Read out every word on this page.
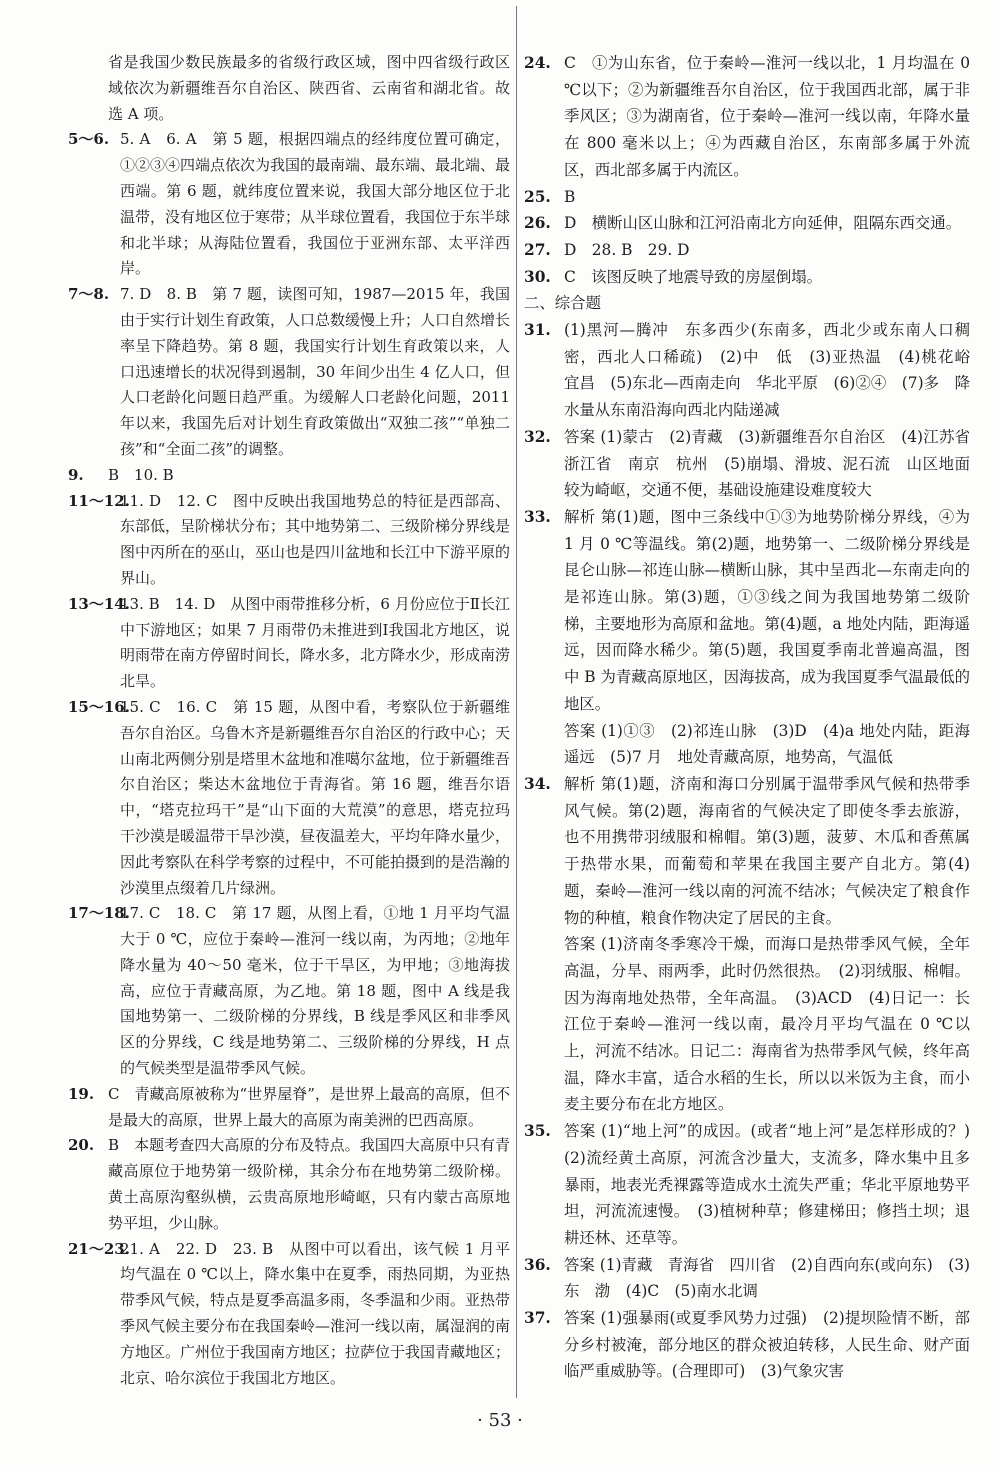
省是我国少数民族最多的省级行政区域，图中四省级行政区域依次为新疆维吾尔自治区、陕西省、云南省和湖北省。故选 A 项。
5～6. 5. A　6. A　第 5 题，根据四端点的经纬度位置可确定，①②③④四端点依次为我国的最南端、最东端、最北端、最西端。第 6 题，就纬度位置来说，我国大部分地区位于北温带，没有地区位于寒带；从半球位置看，我国位于东半球和北半球；从海陆位置看，我国位于亚洲东部、太平洋西岸。
7～8. 7. D　8. B　第 7 题，读图可知，1987—2015 年，我国由于实行计划生育政策，人口总数缓慢上升；人口自然增长率呈下降趋势。第 8 题，我国实行计划生育政策以来，人口迅速增长的状况得到遏制，30 年间少出生 4 亿人口，但人口老龄化问题日趋严重。为缓解人口老龄化问题，2011 年以来，我国先后对计划生育政策做出“双独二孩”“单独二孩”和“全面二孩”的调整。
9. B　10. B
11～12.
11. D　12. C　图中反映出我国地势总的特征是西部高、东部低，呈阶梯状分布；其中地势第二、三级阶梯分界线是图中丙所在的巫山，巫山也是四川盆地和长江中下游平原的界山。
13～14.
13. B　14. D　从图中雨带推移分析，6 月份应位于Ⅱ长江中下游地区；如果 7 月雨带仍未推进到Ⅰ我国北方地区，说明雨带在南方停留时间长，降水多，北方降水少，形成南涝北旱。
15～16.
15. C　16. C　第 15 题，从图中看，考察队位于新疆维吾尔自治区。乌鲁木齐是新疆维吾尔自治区的行政中心；天山南北两侧分别是塔里木盆地和准噶尔盆地，位于新疆维吾尔自治区；柴达木盆地位于青海省。第 16 题，维吾尔语中，“塔克拉玛干”是“山下面的大荒漠”的意思，塔克拉玛干沙漠是暖温带干旱沙漠，昼夜温差大，平均年降水量少，因此考察队在科学考察的过程中，不可能拍摄到的是浩瀚的沙漠里点缀着几片绿洲。
17～18.
17. C　18. C　第 17 题，从图上看，①地 1 月平均气温大于 0 ℃，应位于秦岭—淮河一线以南，为丙地；②地年降水量为 40～50 毫米，位于干旱区，为甲地；③地海拔高，应位于青藏高原，为乙地。第 18 题，图中 A 线是我国地势第一、二级阶梯的分界线，B 线是季风区和非季风区的分界线，C 线是地势第二、三级阶梯的分界线，H 点的气候类型是温带季风气候。
19. C　青藏高原被称为“世界屋脊”，是世界上最高的高原，但不是最大的高原，世界上最大的高原为南美洲的巴西高原。
20. B　本题考查四大高原的分布及特点。我国四大高原中只有青藏高原位于地势第一级阶梯，其余分布在地势第二级阶梯。黄土高原沟壑纵横，云贵高原地形崎岖，只有内蒙古高原地势平坦，少山脉。
21～23.
21. A　22. D　23. B　从图中可以看出，该气候 1 月平均气温在 0 ℃以上，降水集中在夏季，雨热同期，为亚热带季风气候，特点是夏季高温多雨，冬季温和少雨。亚热带季风气候主要分布在我国秦岭—淮河一线以南，属湿润的南方地区。广州位于我国南方地区；拉萨位于我国青藏地区；北京、哈尔滨位于我国北方地区。
24. C　①为山东省，位于秦岭—淮河一线以北，1 月均温在 0 ℃以下；②为新疆维吾尔自治区，位于我国西北部，属于非季风区；③为湖南省，位于秦岭—淮河一线以南，年降水量在 800 毫米以上；④为西藏自治区，东南部多属于外流区，西北部多属于内流区。
25. B
26. D　横断山区山脉和江河沿南北方向延伸，阻隔东西交通。
27. D　28. B　29. D
30. C　该图反映了地震导致的房屋倒塌。
二、综合题
31. (1)黑河—腾冲　东多西少(东南多，西北少或东南人口稠密，西北人口稀疏)　(2)中　低　(3)亚热温　(4)桃花峪　宜昌　(5)东北—西南走向　华北平原　(6)②④　(7)多　降水量从东南沿海向西北内陆递减
32. 答案 (1)蒙古　(2)青藏　(3)新疆维吾尔自治区　(4)江苏省　浙江省　南京　杭州　(5)崩塌、滑坡、泥石流　山区地面较为崎岖，交通不便，基础设施建设难度较大
33. 解析 第(1)题，图中三条线中①③为地势阶梯分界线，④为 1 月 0 ℃等温线。第(2)题，地势第一、二级阶梯分界线是昆仑山脉—祁连山脉—横断山脉，其中呈西北—东南走向的是祁连山脉。第(3)题，①③线之间为我国地势第二级阶梯，主要地形为高原和盆地。第(4)题，a 地处内陆，距海遥远，因而降水稀少。第(5)题，我国夏季南北普遍高温，图中 B 为青藏高原地区，因海拔高，成为我国夏季气温最低的地区。
答案 (1)①③　(2)祁连山脉　(3)D　(4)a 地处内陆，距海遥远　(5)7 月　地处青藏高原，地势高，气温低
34. 解析 第(1)题，济南和海口分别属于温带季风气候和热带季风气候。第(2)题，海南省的气候决定了即使冬季去旅游，也不用携带羽绒服和棉帽。第(3)题，菠萝、木瓜和香蕉属于热带水果，而葡萄和苹果在我国主要产自北方。第(4)题，秦岭—淮河一线以南的河流不结冰；气候决定了粮食作物的种植，粮食作物决定了居民的主食。
答案 (1)济南冬季寒冷干燥，而海口是热带季风气候，全年高温，分旱、雨两季，此时仍然很热。　(2)羽绒服、棉帽。因为海南地处热带，全年高温。　(3)ACD　(4)日记一：长江位于秦岭—淮河一线以南，最冷月平均气温在 0 ℃以上，河流不结冰。日记二：海南省为热带季风气候，终年高温，降水丰富，适合水稻的生长，所以以米饭为主食，而小麦主要分布在北方地区。
35. 答案 (1)“地上河”的成因。(或者“地上河”是怎样形成的？)　(2)流经黄土高原，河流含沙量大，支流多，降水集中且多暴雨，地表光秃裸露等造成水土流失严重；华北平原地势平坦，河流流速慢。　(3)植树种草；修建梯田；修挡土坝；退耕还林、还草等。
36. 答案 (1)青藏　青海省　四川省　(2)自西向东(或向东)　(3)东　渤　(4)C　(5)南水北调
37. 答案 (1)强暴雨(或夏季风势力过强)　(2)提坝险情不断，部分乡村被淹，部分地区的群众被迫转移，人民生命、财产面临严重威胁等。(合理即可)　(3)气象灾害
· 53 ·
